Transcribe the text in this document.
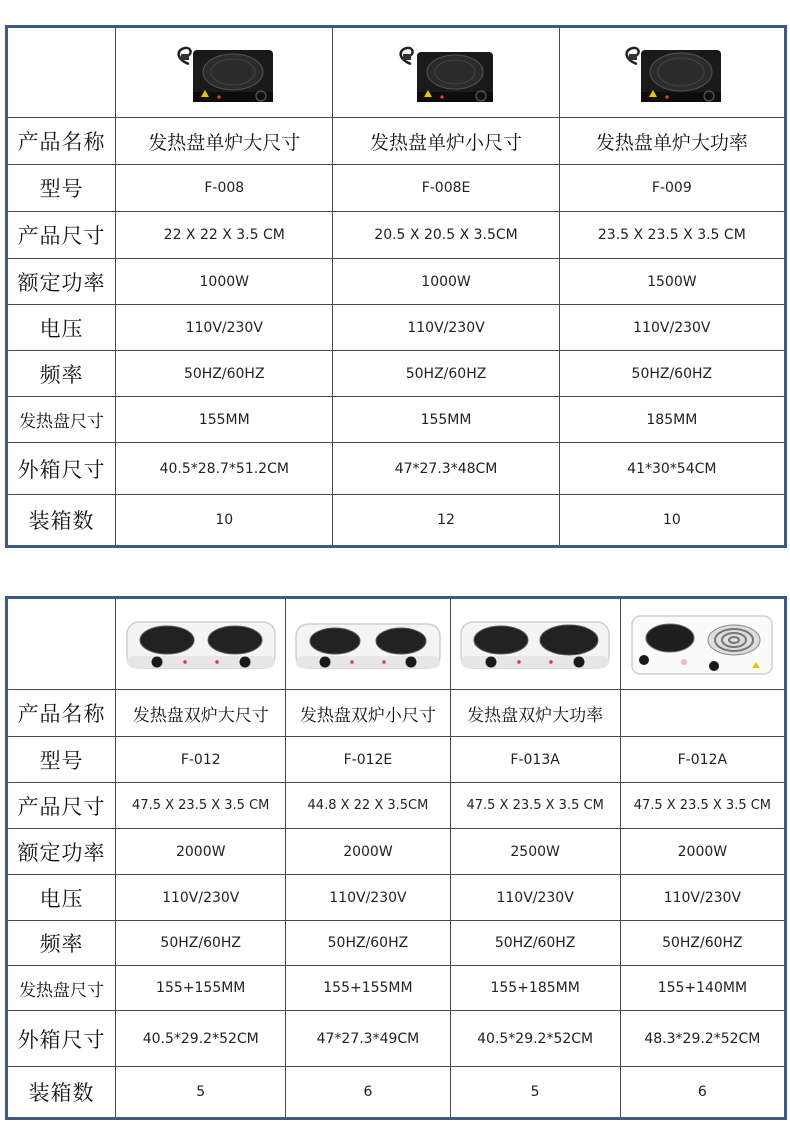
产品名称	发热盘单炉大尺寸	发热盘单炉小尺寸	发热盘单炉大功率
型号	F-008	F-008E	F-009
产品尺寸	22 X 22 X 3.5 CM	20.5 X 20.5 X 3.5CM	23.5 X 23.5 X 3.5 CM
额定功率	1000W	1000W	1500W
电压	110V/230V	110V/230V	110V/230V
频率	50HZ/60HZ	50HZ/60HZ	50HZ/60HZ
发热盘尺寸	155MM	155MM	185MM
外箱尺寸	40.5*28.7*51.2CM	47*27.3*48CM	41*30*54CM
装箱数	10	12	10

产品名称	发热盘双炉大尺寸	发热盘双炉小尺寸	发热盘双炉大功率	
型号	F-012	F-012E	F-013A	F-012A
产品尺寸	47.5 X 23.5 X 3.5 CM	44.8 X 22 X 3.5CM	47.5 X 23.5 X 3.5 CM	47.5 X 23.5 X 3.5 CM
额定功率	2000W	2000W	2500W	2000W
电压	110V/230V	110V/230V	110V/230V	110V/230V
频率	50HZ/60HZ	50HZ/60HZ	50HZ/60HZ	50HZ/60HZ
发热盘尺寸	155+155MM	155+155MM	155+185MM	155+140MM
外箱尺寸	40.5*29.2*52CM	47*27.3*49CM	40.5*29.2*52CM	48.3*29.2*52CM
装箱数	5	6	5	6
